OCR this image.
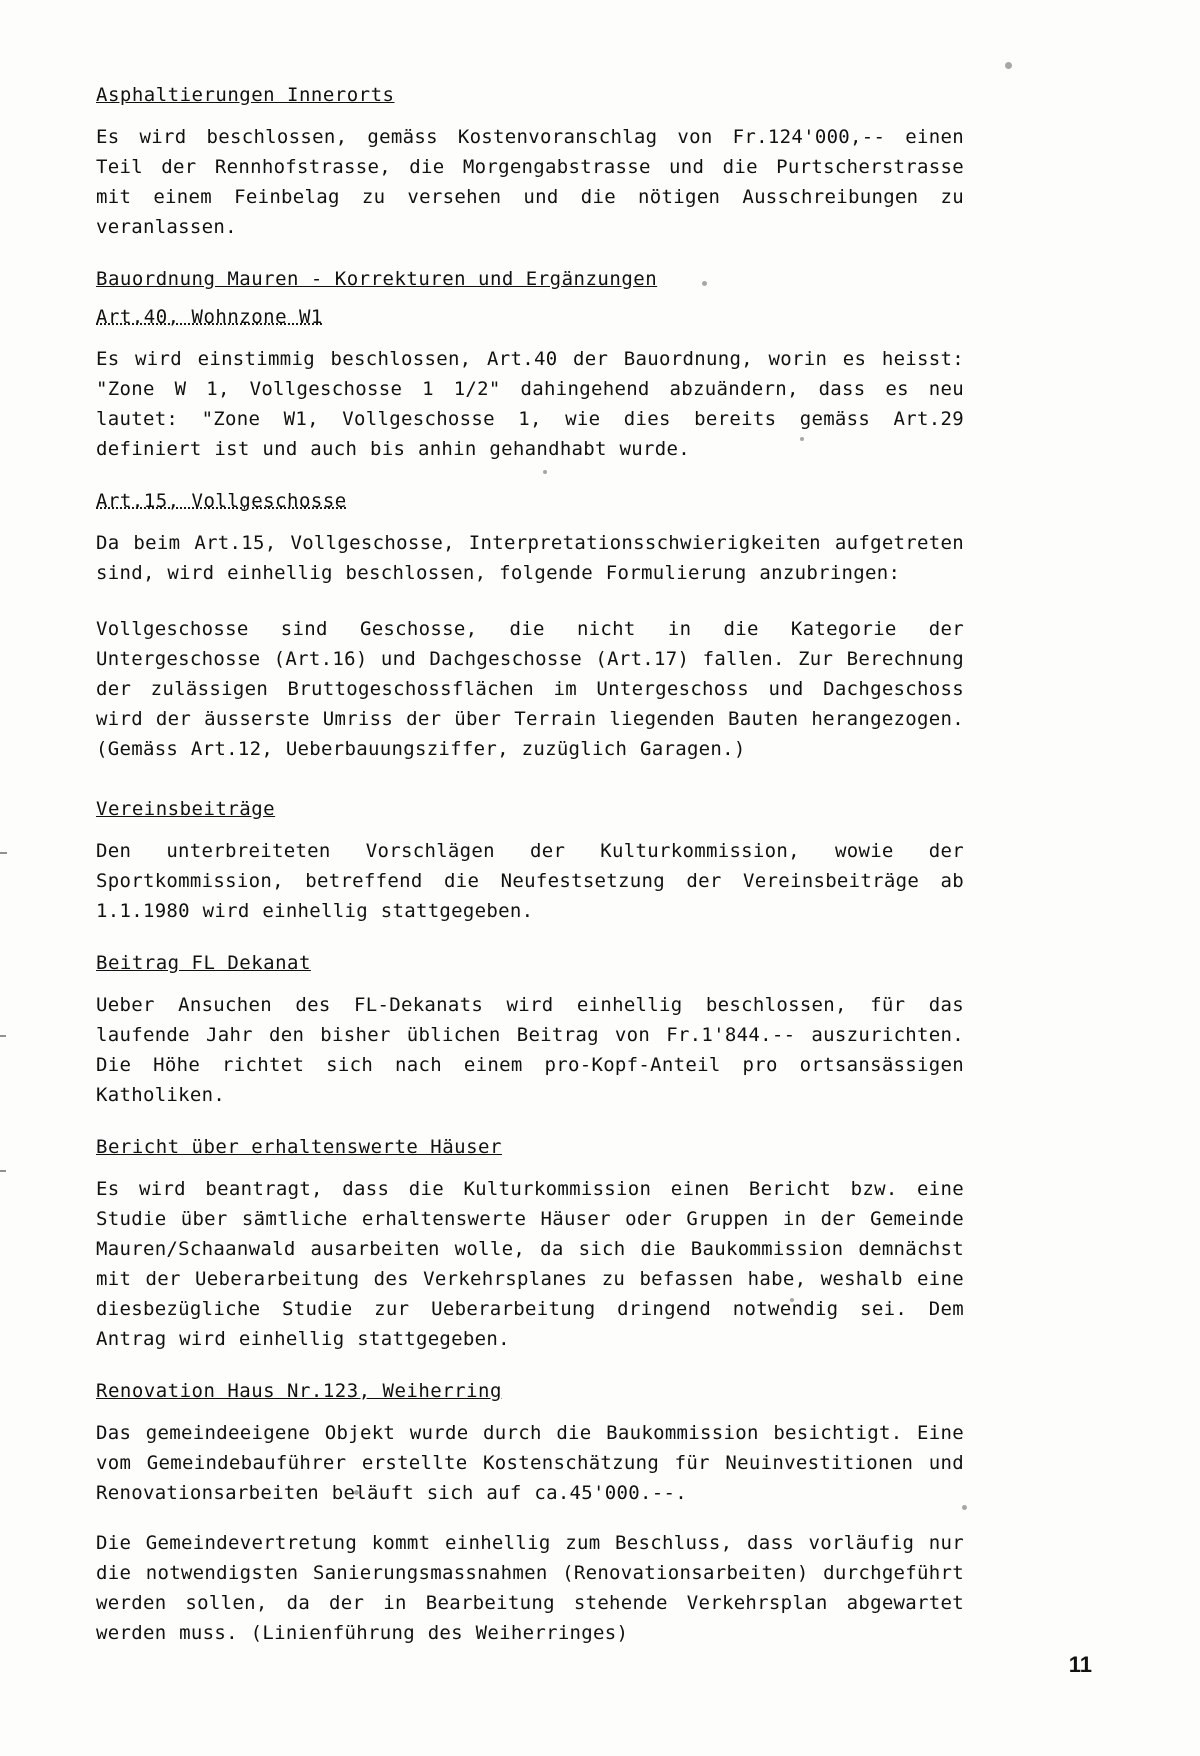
Asphaltierungen Innerorts

Es wird beschlossen, gemäss Kostenvoranschlag von Fr.124'000,-- einen Teil der Rennhofstrasse, die Morgengabstrasse und die Purtscherstrasse mit einem Feinbelag zu versehen und die nötigen Ausschreibungen zu veranlassen.

Bauordnung Mauren - Korrekturen und Ergänzungen
Art.40, Wohnzone W1

Es wird einstimmig beschlossen, Art.40 der Bauordnung, worin es heisst: "Zone W 1, Vollgeschosse 1 1/2" dahingehend abzuändern, dass es neu lautet: "Zone W1, Vollgeschosse 1, wie dies bereits gemäss Art.29 definiert ist und auch bis anhin gehandhabt wurde.

Art.15, Vollgeschosse

Da beim Art.15, Vollgeschosse, Interpretationsschwierigkeiten aufgetreten sind, wird einhellig beschlossen, folgende Formulierung anzubringen:

Vollgeschosse sind Geschosse, die nicht in die Kategorie der Untergeschosse (Art.16) und Dachgeschosse (Art.17) fallen. Zur Berechnung der zulässigen Bruttogeschossflächen im Untergeschoss und Dachgeschoss wird der äusserste Umriss der über Terrain liegenden Bauten herangezogen. (Gemäss Art.12, Ueberbauungsziffer, zuzüglich Garagen.)

Vereinsbeiträge

Den unterbreiteten Vorschlägen der Kulturkommission, wowie der Sportkommission, betreffend die Neufestsetzung der Vereinsbeiträge ab 1.1.1980 wird einhellig stattgegeben.

Beitrag FL Dekanat

Ueber Ansuchen des FL-Dekanats wird einhellig beschlossen, für das laufende Jahr den bisher üblichen Beitrag von Fr.1'844.-- auszurichten. Die Höhe richtet sich nach einem pro-Kopf-Anteil pro ortsansässigen Katholiken.

Bericht über erhaltenswerte Häuser

Es wird beantragt, dass die Kulturkommission einen Bericht bzw. eine Studie über sämtliche erhaltenswerte Häuser oder Gruppen in der Gemeinde Mauren/Schaanwald ausarbeiten wolle, da sich die Baukommission demnächst mit der Ueberarbeitung des Verkehrsplanes zu befassen habe, weshalb eine diesbezügliche Studie zur Ueberarbeitung dringend notwendig sei. Dem Antrag wird einhellig stattgegeben.

Renovation Haus Nr.123, Weiherring

Das gemeindeeigene Objekt wurde durch die Baukommission besichtigt. Eine vom Gemeindebauführer erstellte Kostenschätzung für Neuinvestitionen und Renovationsarbeiten beläuft sich auf ca.45'000.--.

Die Gemeindevertretung kommt einhellig zum Beschluss, dass vorläufig nur die notwendigsten Sanierungsmassnahmen (Renovationsarbeiten) durchgeführt werden sollen, da der in Bearbeitung stehende Verkehrsplan abgewartet werden muss. (Linienführung des Weiherringes)

11
